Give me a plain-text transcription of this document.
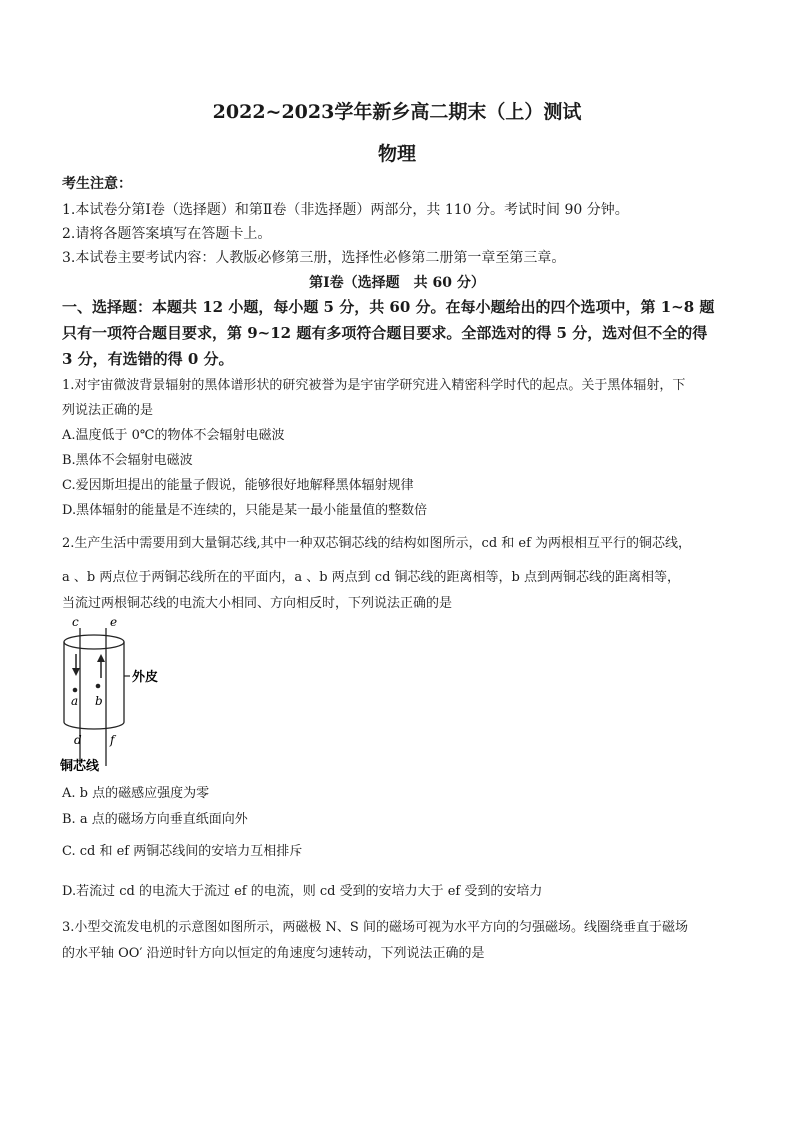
2022~2023学年新乡高二期末（上）测试
物理
考生注意：
1.本试卷分第Ⅰ卷（选择题）和第Ⅱ卷（非选择题）两部分，共 110 分。考试时间 90 分钟。
2.请将各题答案填写在答题卡上。
3.本试卷主要考试内容：人教版必修第三册，选择性必修第二册第一章至第三章。
第Ⅰ卷（选择题　共 60 分）
一、选择题：本题共 12 小题，每小题 5 分，共 60 分。在每小题给出的四个选项中，第 1~8 题
只有一项符合题目要求，第 9~12 题有多项符合题目要求。全部选对的得 5 分，选对但不全的得
3 分，有选错的得 0 分。
1.对宇宙微波背景辐射的黑体谱形状的研究被誉为是宇宙学研究进入精密科学时代的起点。关于黑体辐射，下
列说法正确的是
A.温度低于 0℃的物体不会辐射电磁波
B.黑体不会辐射电磁波
C.爱因斯坦提出的能量子假说，能够很好地解释黑体辐射规律
D.黑体辐射的能量是不连续的，只能是某一最小能量值的整数倍
2.生产生活中需要用到大量铜芯线,其中一种双芯铜芯线的结构如图所示，cd 和 ef 为两根相互平行的铜芯线，
a 、b 两点位于两铜芯线所在的平面内，a 、b 两点到 cd 铜芯线的距离相等，b 点到两铜芯线的距离相等，
当流过两根铜芯线的电流大小相同、方向相反时，下列说法正确的是
c	e
a b
外皮
d f
铜芯线
A. b 点的磁感应强度为零
B. a 点的磁场方向垂直纸面向外
C. cd 和 ef 两铜芯线间的安培力互相排斥
D.若流过 cd 的电流大于流过 ef 的电流，则 cd 受到的安培力大于 ef 受到的安培力
3.小型交流发电机的示意图如图所示，两磁极 N、S 间的磁场可视为水平方向的匀强磁场。线圈绕垂直于磁场
的水平轴 OO′ 沿逆时针方向以恒定的角速度匀速转动，下列说法正确的是
